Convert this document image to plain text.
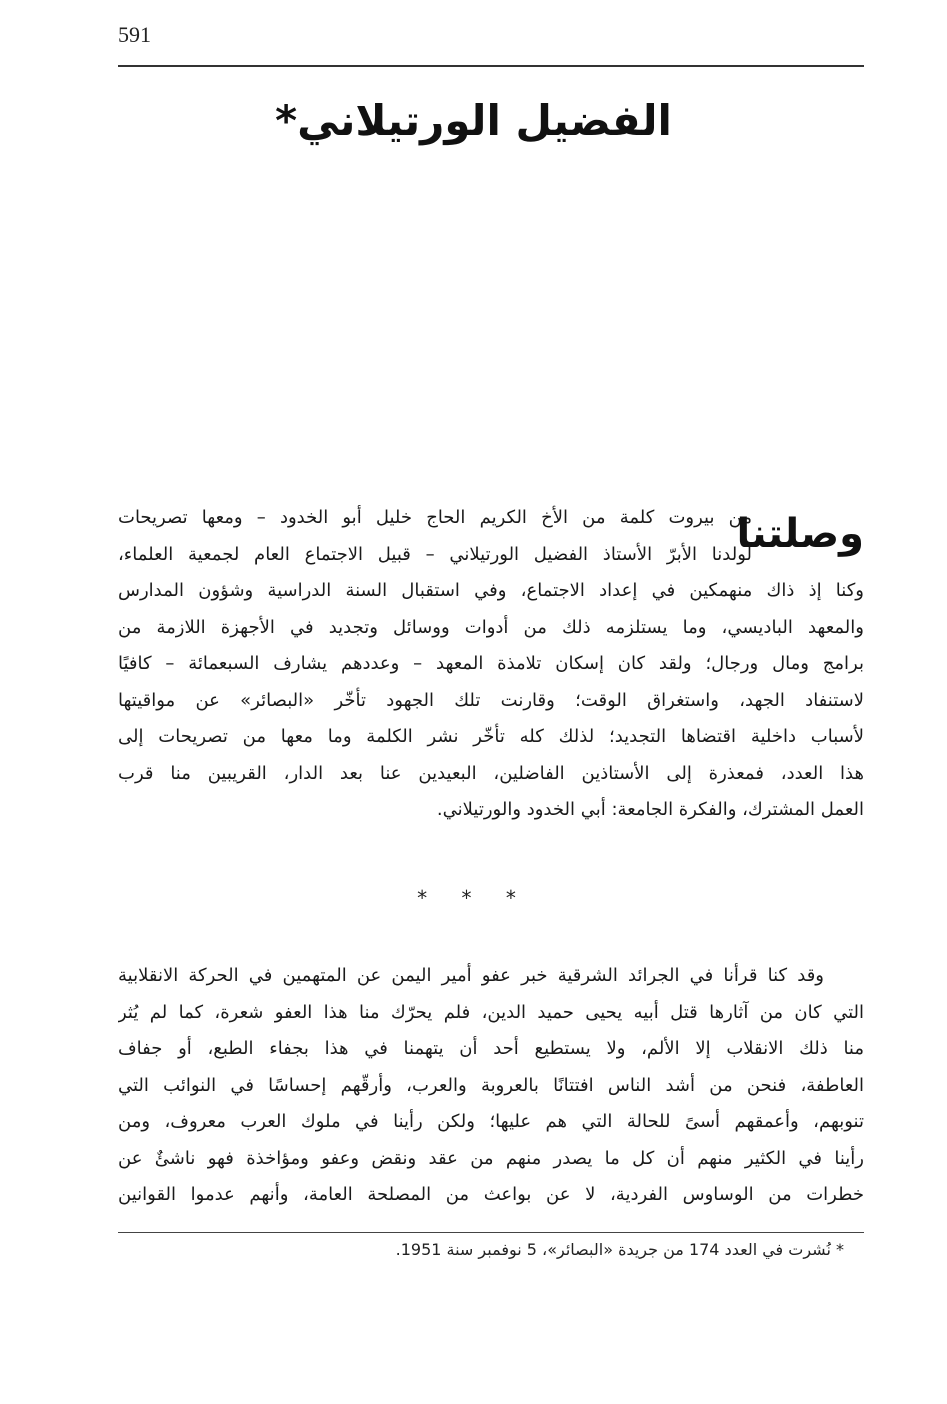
591
الفضيل الورتيلاني*
وصلتنا
من بيروت كلمة من الأخ الكريم الحاج خليل أبو الخدود – ومعها تصريحات
لولدنا الأبرّ الأستاذ الفضيل الورتيلاني – قبيل الاجتماع العام لجمعية العلماء،
وكنا إذ ذاك منهمكين في إعداد الاجتماع، وفي استقبال السنة الدراسية وشؤون المدارس
والمعهد الباديسي، وما يستلزمه ذلك من أدوات ووسائل وتجديد في الأجهزة اللازمة من
برامج ومال ورجال؛ ولقد كان إسكان تلامذة المعهد – وعددهم يشارف السبعمائة – كافيًا
لاستنفاد الجهد، واستغراق الوقت؛ وقارنت تلك الجهود تأخّر «البصائر» عن مواقيتها
لأسباب داخلية اقتضاها التجديد؛ لذلك كله تأخّر نشر الكلمة وما معها من تصريحات إلى
هذا العدد، فمعذرة إلى الأستاذين الفاضلين، البعيدين عنا بعد الدار، القريبين منا قرب
العمل المشترك، والفكرة الجامعة: أبي الخدود والورتيلاني.
* * *
وقد كنا قرأنا في الجرائد الشرقية خبر عفو أمير اليمن عن المتهمين في الحركة الانقلابية
التي كان من آثارها قتل أبيه يحيى حميد الدين، فلم يحرّك منا هذا العفو شعرة، كما لم يُثر
منا ذلك الانقلاب إلا الألم، ولا يستطيع أحد أن يتهمنا في هذا بجفاء الطبع، أو جفاف
العاطفة، فنحن من أشد الناس افتتانًا بالعروبة والعرب، وأرقّهم إحساسًا في النوائب التي
تنوبهم، وأعمقهم أسىً للحالة التي هم عليها؛ ولكن رأينا في ملوك العرب معروف، ومن
رأينا في الكثير منهم أن كل ما يصدر منهم من عقد ونقض وعفو ومؤاخذة فهو ناشئٌ عن
خطرات من الوساوس الفردية، لا عن بواعث من المصلحة العامة، وأنهم عدموا القوانين
* نُشرت في العدد 174 من جريدة «البصائر»، 5 نوفمبر سنة 1951.
